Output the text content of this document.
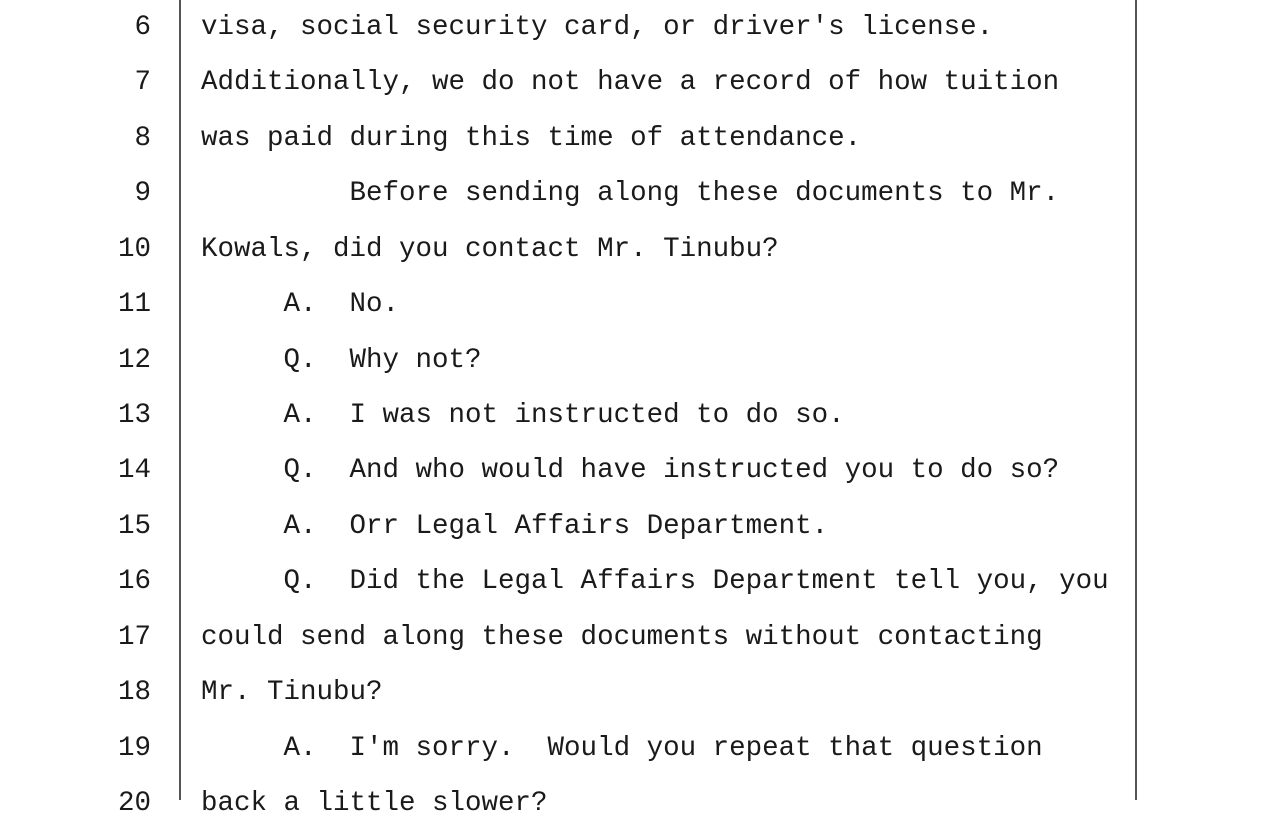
6 visa, social security card, or driver's license.
7 Additionally, we do not have a record of how tuition
8 was paid during this time of attendance.
9 Before sending along these documents to Mr.
10 Kowals, did you contact Mr. Tinubu?
11 A.  No.
12 Q.  Why not?
13 A.  I was not instructed to do so.
14 Q.  And who would have instructed you to do so?
15 A.  Orr Legal Affairs Department.
16 Q.  Did the Legal Affairs Department tell you, you
17 could send along these documents without contacting
18 Mr. Tinubu?
19 A.  I'm sorry.  Would you repeat that question
20 back a little slower?
